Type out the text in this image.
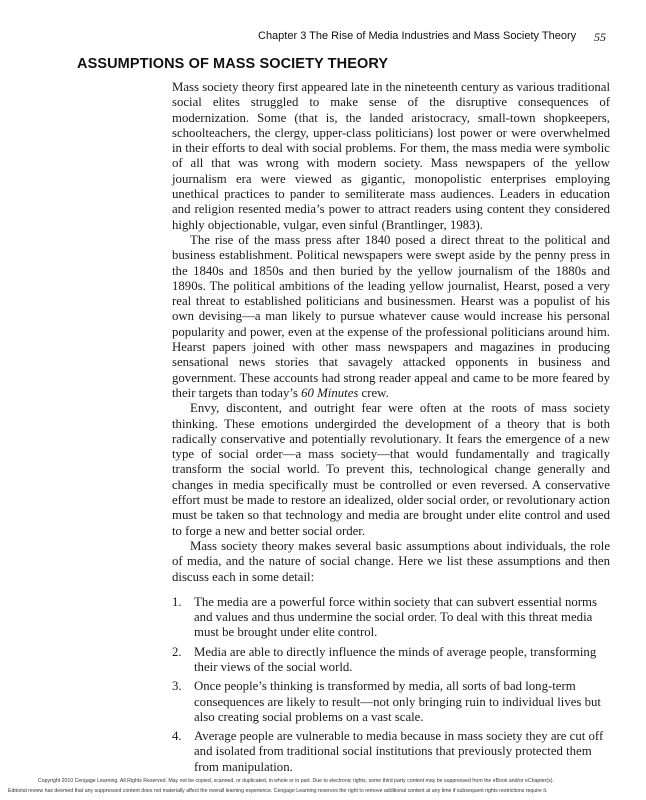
Chapter 3 The Rise of Media Industries and Mass Society Theory 55
ASSUMPTIONS OF MASS SOCIETY THEORY

Mass society theory first appeared late in the nineteenth century as various traditional social elites struggled to make sense of the disruptive consequences of modernization. Some (that is, the landed aristocracy, small-town shopkeepers, schoolteachers, the clergy, upper-class politicians) lost power or were overwhelmed in their efforts to deal with social problems. For them, the mass media were symbolic of all that was wrong with modern society. Mass newspapers of the yellow journalism era were viewed as gigantic, monopolistic enterprises employing unethical practices to pander to semiliterate mass audiences. Leaders in education and religion resented media’s power to attract readers using content they considered highly objectionable, vulgar, even sinful (Brantlinger, 1983).

The rise of the mass press after 1840 posed a direct threat to the political and business establishment. Political newspapers were swept aside by the penny press in the 1840s and 1850s and then buried by the yellow journalism of the 1880s and 1890s. The political ambitions of the leading yellow journalist, Hearst, posed a very real threat to established politicians and businessmen. Hearst was a populist of his own devising—a man likely to pursue whatever cause would increase his personal popularity and power, even at the expense of the professional politicians around him. Hearst papers joined with other mass newspapers and magazines in producing sensational news stories that savagely attacked opponents in business and government. These accounts had strong reader appeal and came to be more feared by their targets than today’s 60 Minutes crew.

Envy, discontent, and outright fear were often at the roots of mass society thinking. These emotions undergirded the development of a theory that is both radically conservative and potentially revolutionary. It fears the emergence of a new type of social order—a mass society—that would fundamentally and tragically transform the social world. To prevent this, technological change generally and changes in media specifically must be controlled or even reversed. A conservative effort must be made to restore an idealized, older social order, or revolutionary action must be taken so that technology and media are brought under elite control and used to forge a new and better social order.

Mass society theory makes several basic assumptions about individuals, the role of media, and the nature of social change. Here we list these assumptions and then discuss each in some detail:

1. The media are a powerful force within society that can subvert essential norms and values and thus undermine the social order. To deal with this threat media must be brought under elite control.
2. Media are able to directly influence the minds of average people, transforming their views of the social world.
3. Once people’s thinking is transformed by media, all sorts of bad long-term consequences are likely to result—not only bringing ruin to individual lives but also creating social problems on a vast scale.
4. Average people are vulnerable to media because in mass society they are cut off and isolated from traditional social institutions that previously protected them from manipulation.
Copyright 2010 Cengage Learning. All Rights Reserved. May not be copied, scanned, or duplicated, in whole or in part. Due to electronic rights, some third party content may be suppressed from the eBook and/or eChapter(s).
Editorial review has deemed that any suppressed content does not materially affect the overall learning experience. Cengage Learning reserves the right to remove additional content at any time if subsequent rights restrictions require it.
